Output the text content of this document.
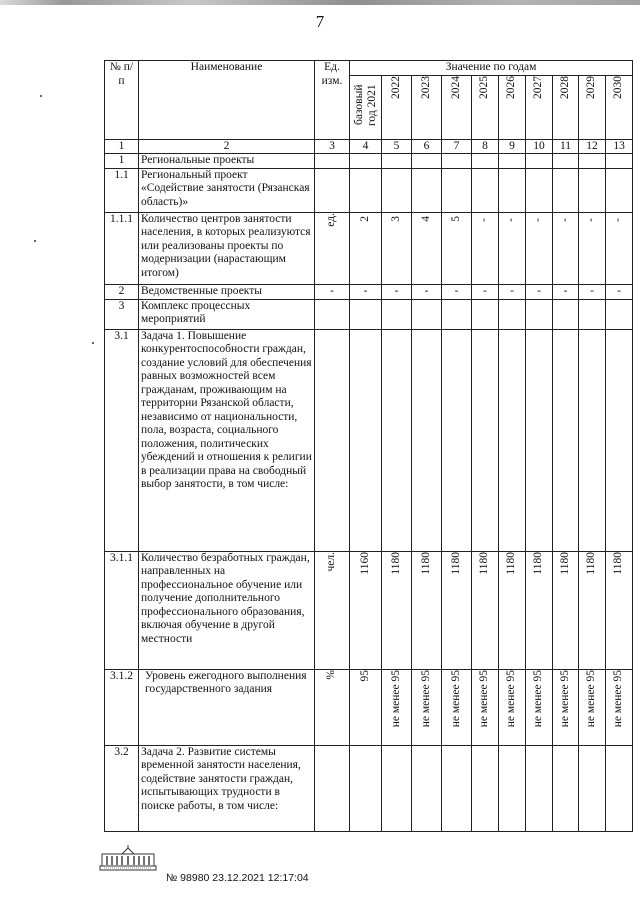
7
№ п/п	Наименование	Ед. изм.	Значение по годам									
			базовый год 2021	2022	2023	2024	2025	2026	2027	2028	2029	2030
1	2	3	4	5	6	7	8	9	10	11	12	13
1	Региональные проекты											
1.1	Региональный проект «Содействие занятости (Рязанская область)»											
1.1.1	Количество центров занятости населения, в которых реализуются или реализованы проекты по модернизации (нарастающим итогом)	ед.	2	3	4	5	-	-	-	-	-	-
2	Ведомственные проекты	-	-	-	-	-	-	-	-	-	-	-
3	Комплекс процессных мероприятий											
3.1	Задача 1. Повышение конкурентоспособности граждан, создание условий для обеспечения равных возможностей всем гражданам, проживающим на территории Рязанской области, независимо от национальности, пола, возраста, социального положения, политических убеждений и отношения к религии в реализации права на свободный выбор занятости, в том числе:											
3.1.1	Количество безработных граждан, направленных на профессиональное обучение или получение дополнительного профессионального образования, включая обучение в другой местности	чел.	1160	1180	1180	1180	1180	1180	1180	1180	1180	1180
3.1.2	Уровень ежегодного выполнения государственного задания	%	95	не менее 95	не менее 95	не менее 95	не менее 95	не менее 95	не менее 95	не менее 95	не менее 95	не менее 95
3.2	Задача 2. Развитие системы временной занятости населения, содействие занятости граждан, испытывающих трудности в поиске работы, в том числе:											
№ 98980 23.12.2021 12:17:04
